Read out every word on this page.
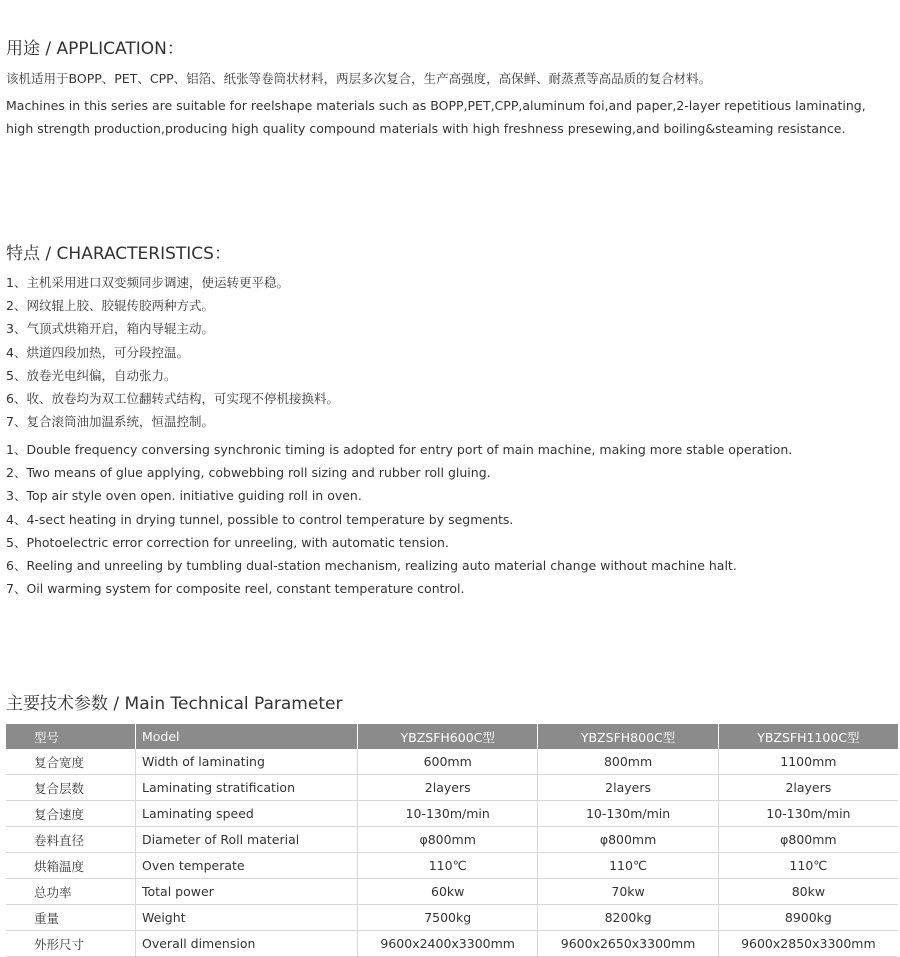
用途 / APPLICATION：
该机适用于BOPP、PET、CPP、铝箔、纸张等卷筒状材料，两层多次复合，生产高强度，高保鲜、耐蒸煮等高品质的复合材料。
Machines in this series are suitable for reelshape materials such as BOPP,PET,CPP,aluminum foi,and paper,2-layer repetitious laminating, high strength production,producing high quality compound materials with high freshness presewing,and boiling&steaming resistance.
特点 / CHARACTERISTICS：
1、主机采用进口双变频同步调速，使运转更平稳。
2、网纹辊上胶、胶辊传胶两种方式。
3、气顶式烘箱开启，箱内导辊主动。
4、烘道四段加热，可分段控温。
5、放卷光电纠偏，自动张力。
6、收、放卷均为双工位翻转式结构，可实现不停机接换料。
7、复合滚筒油加温系统，恒温控制。
1、Double frequency conversing synchronic timing is adopted for entry port of main machine, making more stable operation.
2、Two means of glue applying, cobwebbing roll sizing and rubber roll gluing.
3、Top air style oven open. initiative guiding roll in oven.
4、4-sect heating in drying tunnel, possible to control temperature by segments.
5、Photoelectric error correction for unreeling, with automatic tension.
6、Reeling and unreeling by tumbling dual-station mechanism, realizing auto material change without machine halt.
7、Oil warming system for composite reel, constant temperature control.
主要技术参数 / Main Technical Parameter
型号	Model	YBZSFH600C型	YBZSFH800C型	YBZSFH1100C型
复合宽度	Width of laminating	600mm	800mm	1100mm
复合层数	Laminating stratification	2layers	2layers	2layers
复合速度	Laminating speed	10-130m/min	10-130m/min	10-130m/min
卷料直径	Diameter of Roll material	φ800mm	φ800mm	φ800mm
烘箱温度	Oven temperate	110℃	110℃	110℃
总功率	Total power	60kw	70kw	80kw
重量	Weight	7500kg	8200kg	8900kg
外形尺寸	Overall dimension	9600x2400x3300mm	9600x2650x3300mm	9600x2850x3300mm
